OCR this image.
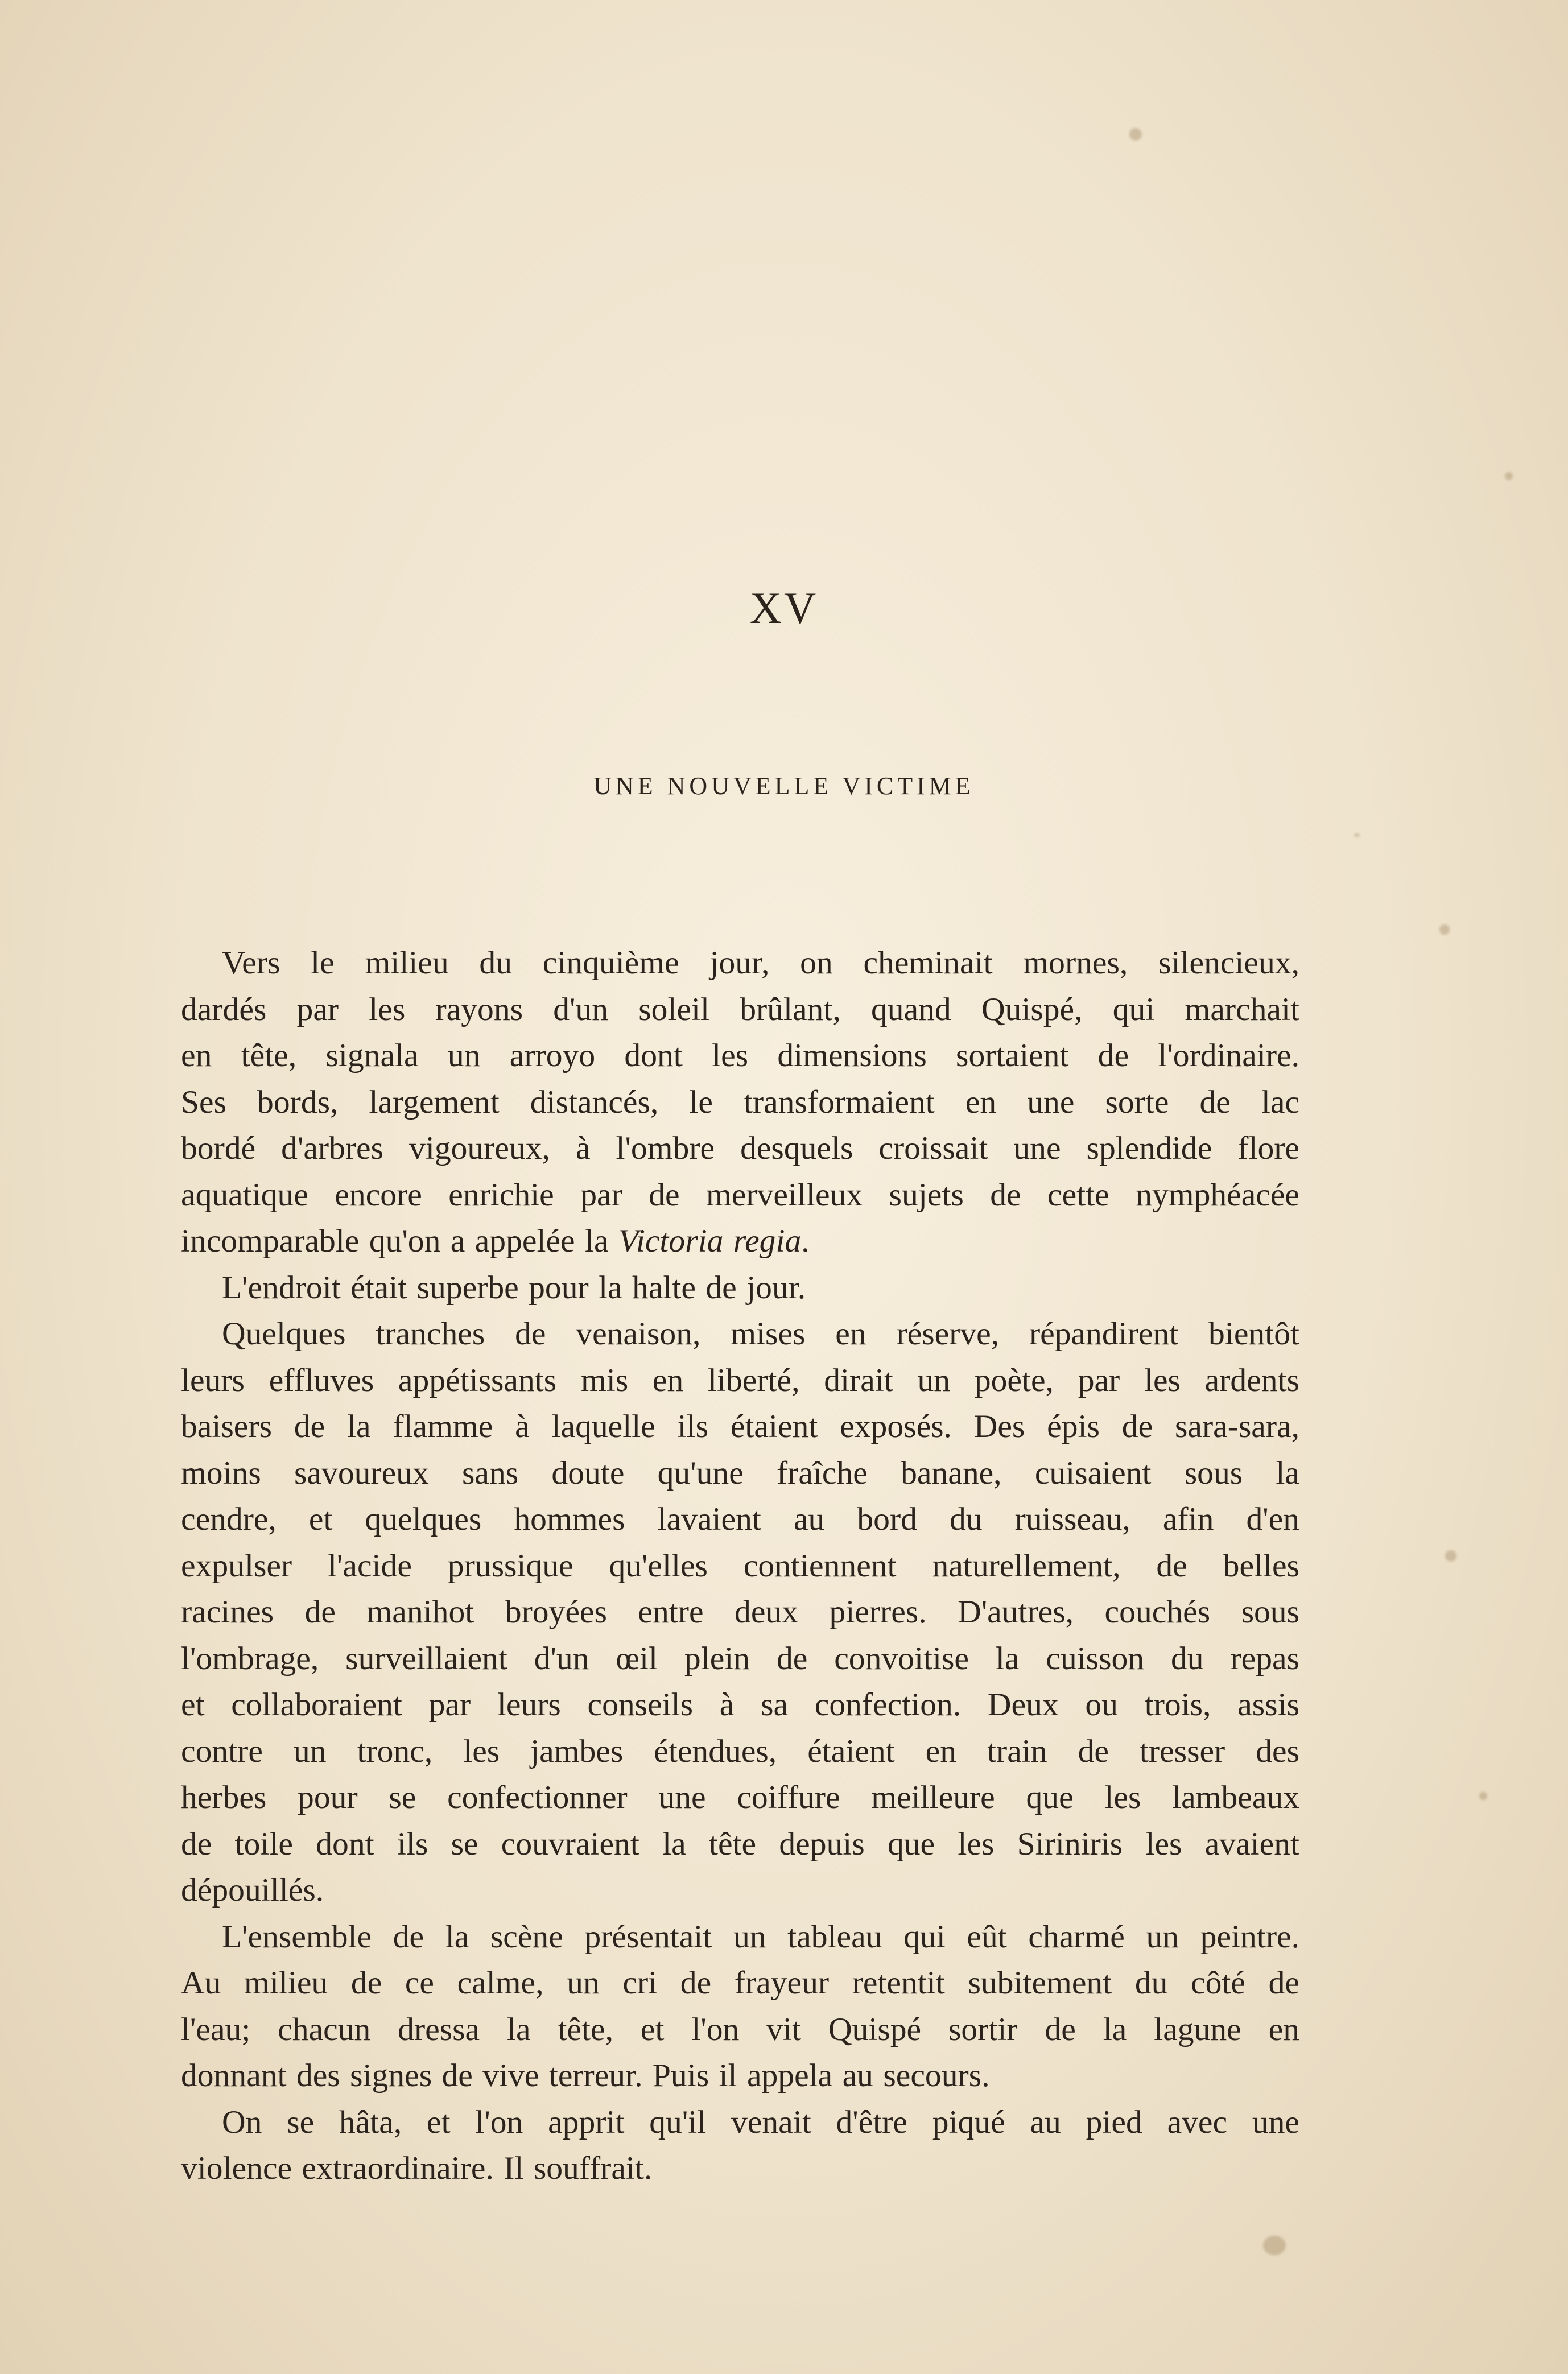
XV
UNE NOUVELLE VICTIME

Vers le milieu du cinquième jour, on cheminait mornes, silencieux,
dardés par les rayons d'un soleil brûlant, quand Quispé, qui marchait
en tête, signala un arroyo dont les dimensions sortaient de l'ordinaire.
Ses bords, largement distancés, le transformaient en une sorte de lac
bordé d'arbres vigoureux, à l'ombre desquels croissait une splendide flore
aquatique encore enrichie par de merveilleux sujets de cette nymphéacée
incomparable qu'on a appelée la Victoria regia.

L'endroit était superbe pour la halte de jour.

Quelques tranches de venaison, mises en réserve, répandirent bientôt
leurs effluves appétissants mis en liberté, dirait un poète, par les ardents
baisers de la flamme à laquelle ils étaient exposés. Des épis de sara-sara,
moins savoureux sans doute qu'une fraîche banane, cuisaient sous la
cendre, et quelques hommes lavaient au bord du ruisseau, afin d'en
expulser l'acide prussique qu'elles contiennent naturellement, de belles
racines de manihot broyées entre deux pierres. D'autres, couchés sous
l'ombrage, surveillaient d'un œil plein de convoitise la cuisson du repas
et collaboraient par leurs conseils à sa confection. Deux ou trois, assis
contre un tronc, les jambes étendues, étaient en train de tresser des
herbes pour se confectionner une coiffure meilleure que les lambeaux
de toile dont ils se couvraient la tête depuis que les Siriniris les avaient
dépouillés.

L'ensemble de la scène présentait un tableau qui eût charmé un peintre.
Au milieu de ce calme, un cri de frayeur retentit subitement du côté de
l'eau; chacun dressa la tête, et l'on vit Quispé sortir de la lagune en
donnant des signes de vive terreur. Puis il appela au secours.

On se hâta, et l'on apprit qu'il venait d'être piqué au pied avec une
violence extraordinaire. Il souffrait.
